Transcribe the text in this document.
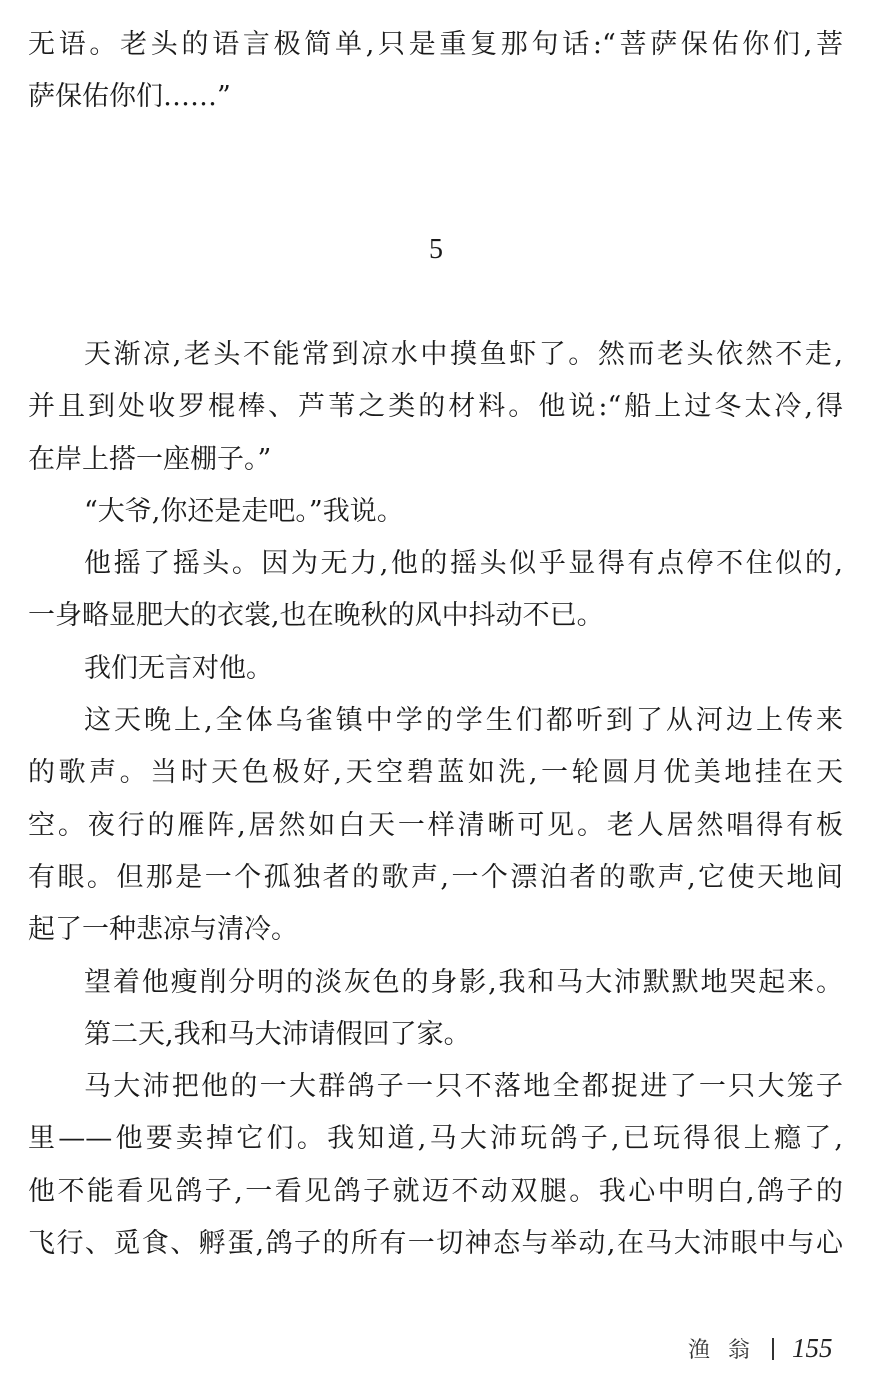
无语。老头的语言极简单,只是重复那句话:“菩萨保佑你们,菩
萨保佑你们……”
5
天渐凉,老头不能常到凉水中摸鱼虾了。然而老头依然不走,
并且到处收罗棍棒、芦苇之类的材料。他说:“船上过冬太冷,得
在岸上搭一座棚子。”
“大爷,你还是走吧。”我说。
他摇了摇头。因为无力,他的摇头似乎显得有点停不住似的,
一身略显肥大的衣裳,也在晚秋的风中抖动不已。
我们无言对他。
这天晚上,全体乌雀镇中学的学生们都听到了从河边上传来
的歌声。当时天色极好,天空碧蓝如洗,一轮圆月优美地挂在天
空。夜行的雁阵,居然如白天一样清晰可见。老人居然唱得有板
有眼。但那是一个孤独者的歌声,一个漂泊者的歌声,它使天地间
起了一种悲凉与清冷。
望着他瘦削分明的淡灰色的身影,我和马大沛默默地哭起来。
第二天,我和马大沛请假回了家。
马大沛把他的一大群鸽子一只不落地全都捉进了一只大笼子
里——他要卖掉它们。我知道,马大沛玩鸽子,已玩得很上瘾了,
他不能看见鸽子,一看见鸽子就迈不动双腿。我心中明白,鸽子的
飞行、觅食、孵蛋,鸽子的所有一切神态与举动,在马大沛眼中与心
渔翁 155
